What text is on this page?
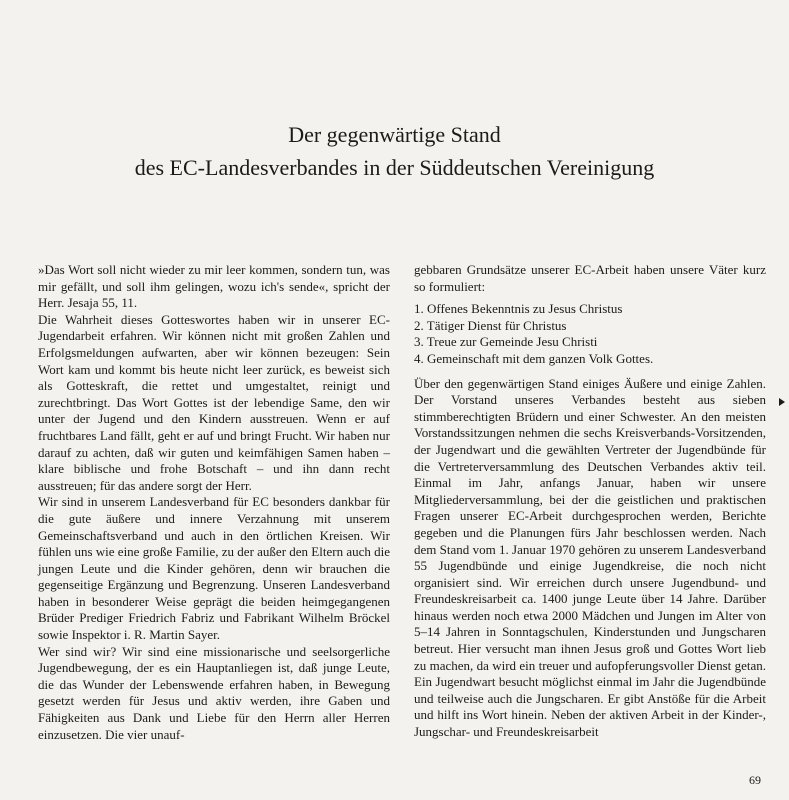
Der gegenwärtige Stand
des EC-Landesverbandes in der Süddeutschen Vereinigung

»Das Wort soll nicht wieder zu mir leer kommen, sondern tun, was mir gefällt, und soll ihm gelingen, wozu ich's sende«, spricht der Herr. Jesaja 55, 11.

Die Wahrheit dieses Gotteswortes haben wir in unserer EC-Jugendarbeit erfahren. Wir können nicht mit großen Zahlen und Erfolgsmeldungen aufwarten, aber wir können bezeugen: Sein Wort kam und kommt bis heute nicht leer zurück, es beweist sich als Gotteskraft, die rettet und umgestaltet, reinigt und zurechtbringt. Das Wort Gottes ist der lebendige Same, den wir unter der Jugend und den Kindern ausstreuen. Wenn er auf fruchtbares Land fällt, geht er auf und bringt Frucht. Wir haben nur darauf zu achten, daß wir guten und keimfähigen Samen haben – klare biblische und frohe Botschaft – und ihn dann recht ausstreuen; für das andere sorgt der Herr.

Wir sind in unserem Landesverband für EC besonders dankbar für die gute äußere und innere Verzahnung mit unserem Gemeinschaftsverband und auch in den örtlichen Kreisen. Wir fühlen uns wie eine große Familie, zu der außer den Eltern auch die jungen Leute und die Kinder gehören, denn wir brauchen die gegenseitige Ergänzung und Begrenzung. Unseren Landesverband haben in besonderer Weise geprägt die beiden heimgegangenen Brüder Prediger Friedrich Fabriz und Fabrikant Wilhelm Bröckel sowie Inspektor i. R. Martin Sayer.

Wer sind wir? Wir sind eine missionarische und seelsorgerliche Jugendbewegung, der es ein Hauptanliegen ist, daß junge Leute, die das Wunder der Lebenswende erfahren haben, in Bewegung gesetzt werden für Jesus und aktiv werden, ihre Gaben und Fähigkeiten aus Dank und Liebe für den Herrn aller Herren einzusetzen. Die vier unauf-

gebbaren Grundsätze unserer EC-Arbeit haben unsere Väter kurz so formuliert:

1. Offenes Bekenntnis zu Jesus Christus
2. Tätiger Dienst für Christus
3. Treue zur Gemeinde Jesu Christi
4. Gemeinschaft mit dem ganzen Volk Gottes.

Über den gegenwärtigen Stand einiges Äußere und einige Zahlen. Der Vorstand unseres Verbandes besteht aus sieben stimmberechtigten Brüdern und einer Schwester. An den meisten Vorstandssitzungen nehmen die sechs Kreisverbands-Vorsitzenden, der Jugendwart und die gewählten Vertreter der Jugendbünde für die Vertreterversammlung des Deutschen Verbandes aktiv teil. Einmal im Jahr, anfangs Januar, haben wir unsere Mitgliederversammlung, bei der die geistlichen und praktischen Fragen unserer EC-Arbeit durchgesprochen werden, Berichte gegeben und die Planungen fürs Jahr beschlossen werden. Nach dem Stand vom 1. Januar 1970 gehören zu unserem Landesverband 55 Jugendbünde und einige Jugendkreise, die noch nicht organisiert sind. Wir erreichen durch unsere Jugendbund- und Freundeskreisarbeit ca. 1400 junge Leute über 14 Jahre. Darüber hinaus werden noch etwa 2000 Mädchen und Jungen im Alter von 5–14 Jahren in Sonntagschulen, Kinderstunden und Jungscharen betreut. Hier versucht man ihnen Jesus groß und Gottes Wort lieb zu machen, da wird ein treuer und aufopferungsvoller Dienst getan. Ein Jugendwart besucht möglichst einmal im Jahr die Jugendbünde und teilweise auch die Jungscharen. Er gibt Anstöße für die Arbeit und hilft ins Wort hinein. Neben der aktiven Arbeit in der Kinder-, Jungschar- und Freundeskreisarbeit

69
